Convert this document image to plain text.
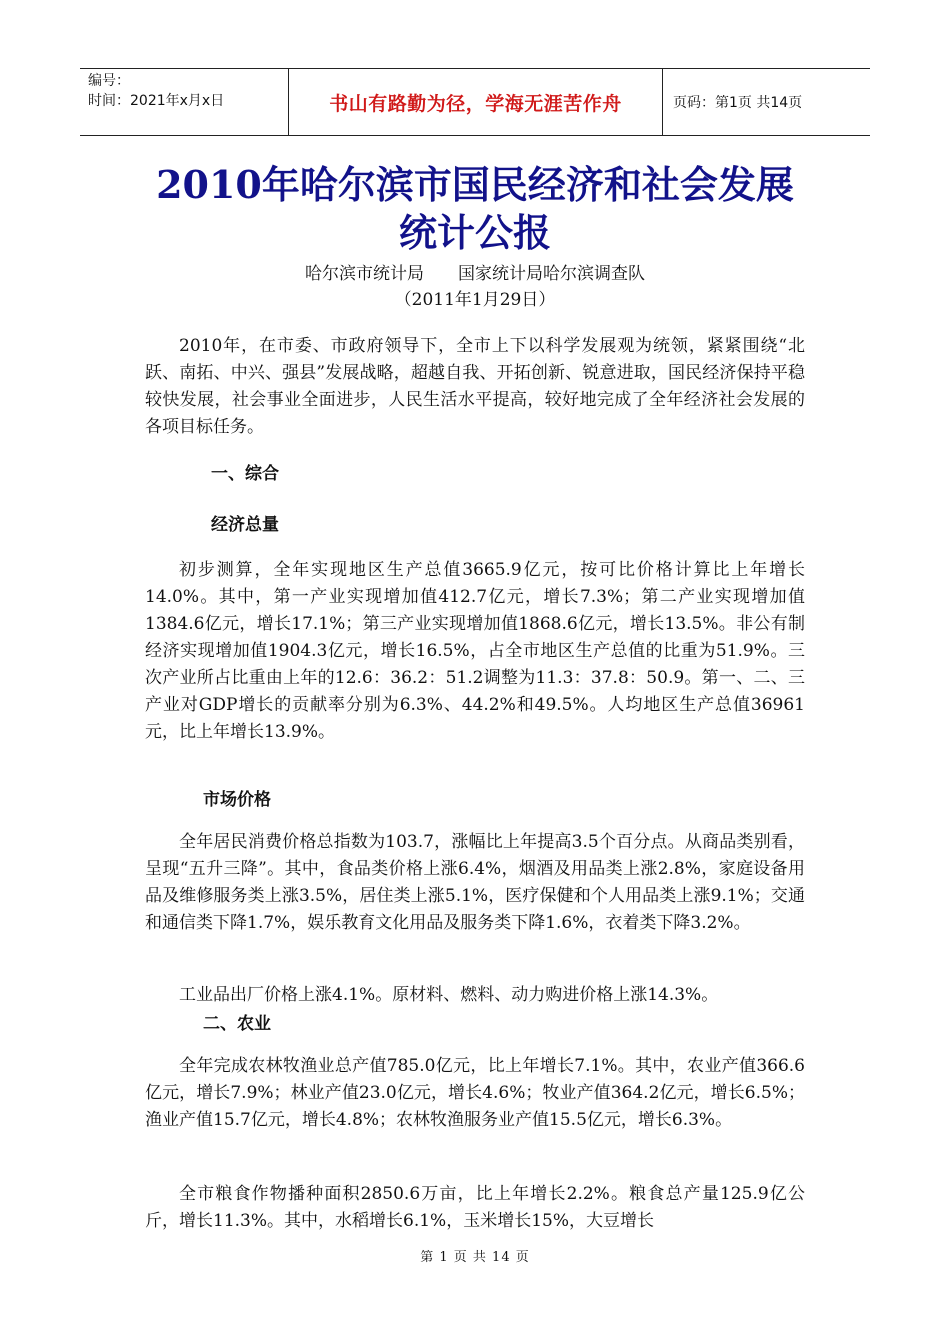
编号：
时间：2021年x月x日	书山有路勤为径，学海无涯苦作舟	页码：第1页 共14页
2010年哈尔滨市国民经济和社会发展
统计公报
哈尔滨市统计局 国家统计局哈尔滨调查队
（2011年1月29日）

2010年，在市委、市政府领导下，全市上下以科学发展观为统领，紧紧围绕“北跃、南拓、中兴、强县”发展战略，超越自我、开拓创新、锐意进取，国民经济保持平稳较快发展，社会事业全面进步，人民生活水平提高，较好地完成了全年经济社会发展的各项目标任务。

一、综合
经济总量

初步测算，全年实现地区生产总值3665.9亿元，按可比价格计算比上年增长14.0%。其中，第一产业实现增加值412.7亿元，增长7.3%；第二产业实现增加值1384.6亿元，增长17.1%；第三产业实现增加值1868.6亿元，增长13.5%。非公有制经济实现增加值1904.3亿元，增长16.5%，占全市地区生产总值的比重为51.9%。三次产业所占比重由上年的12.6：36.2：51.2调整为11.3：37.8：50.9。第一、二、三产业对GDP增长的贡献率分别为6.3%、44.2%和49.5%。人均地区生产总值36961元，比上年增长13.9%。

市场价格

全年居民消费价格总指数为103.7，涨幅比上年提高3.5个百分点。从商品类别看，呈现“五升三降”。其中，食品类价格上涨6.4%，烟酒及用品类上涨2.8%，家庭设备用品及维修服务类上涨3.5%，居住类上涨5.1%，医疗保健和个人用品类上涨9.1%；交通和通信类下降1.7%，娱乐教育文化用品及服务类下降1.6%，衣着类下降3.2%。

工业品出厂价格上涨4.1%。原材料、燃料、动力购进价格上涨14.3%。

二、农业

全年完成农林牧渔业总产值785.0亿元，比上年增长7.1%。其中，农业产值366.6亿元，增长7.9%；林业产值23.0亿元，增长4.6%；牧业产值364.2亿元，增长6.5%；渔业产值15.7亿元，增长4.8%；农林牧渔服务业产值15.5亿元，增长6.3%。

全市粮食作物播种面积2850.6万亩，比上年增长2.2%。粮食总产量125.9亿公斤，增长11.3%。其中，水稻增长6.1%，玉米增长15%，大豆增长

第 1 页 共 14 页
